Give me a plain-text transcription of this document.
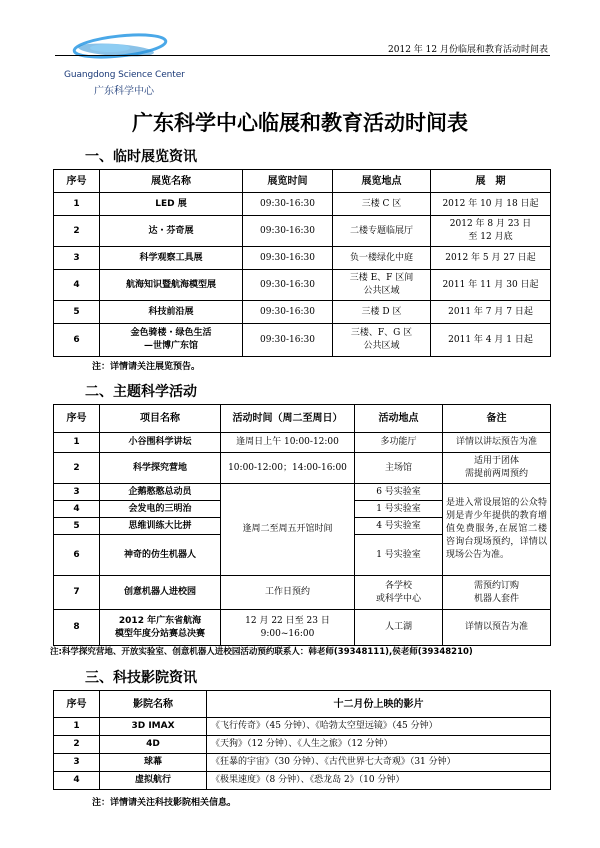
Guangdong Science Center
广东科学中心
2012 年 12 月份临展和教育活动时间表
广东科学中心临展和教育活动时间表
一、临时展览资讯
序号	展览名称	展览时间	展览地点	展　期
1	LED 展	09:30-16:30	三楼 C 区	2012 年 10 月 18 日起
2	达・芬奇展	09:30-16:30	二楼专题临展厅	2012 年 8 月 23 日
至 12 月底
3	科学观察工具展	09:30-16:30	负一楼绿化中庭	2012 年 5 月 27 日起
4	航海知识暨航海模型展	09:30-16:30	三楼 E、F 区间
公共区域	2011 年 11 月 30 日起
5	科技前沿展	09:30-16:30	三楼 D 区	2011 年 7 月 7 日起
6	金色骑楼・绿色生活
—世博广东馆	09:30-16:30	三楼、F、G 区
公共区域	2011 年 4 月 1 日起
注：详情请关注展览预告。
二、主题科学活动
序号	项目名称	活动时间（周二至周日）	活动地点	备注
1	小谷围科学讲坛	逢周日上午 10:00-12:00	多功能厅	详情以讲坛预告为准
2	科学探究营地	10:00-12:00；14:00-16:00	主场馆	适用于团体
需提前两周预约
3	企鹅憨憨总动员	逢周二至周五开馆时间	6 号实验室	是进入常设展馆的公众特别是青少年提供的教育增值免费服务,在展馆二楼咨询台现场预约，详情以现场公告为准。
4	会发电的三明治		1 号实验室	
5	思维训练大比拼		4 号实验室	
6	神奇的仿生机器人		1 号实验室	
7	创意机器人进校园	工作日预约	各学校
或科学中心	需预约订购
机器人套件
8	2012 年广东省航海
模型年度分站赛总决赛	12 月 22 日至 23 日
9:00~16:00	人工湖	详情以预告为准
注:科学探究营地、开放实验室、创意机器人进校园活动预约联系人：韩老师(39348111),侯老师(39348210)
三、科技影院资讯
序号	影院名称	十二月份上映的影片
1	3D IMAX	《飞行传奇》（45 分钟）、《哈勃太空望远镜》（45 分钟）
2	4D	《天狗》（12 分钟）、《人生之旅》（12 分钟）
3	球幕	《狂暴的宇宙》（30 分钟）、《古代世界七大奇观》（31 分钟）
4	虚拟航行	《极果速度》（8 分钟）、《恐龙岛 2》（10 分钟）
注：详情请关注科技影院相关信息。
